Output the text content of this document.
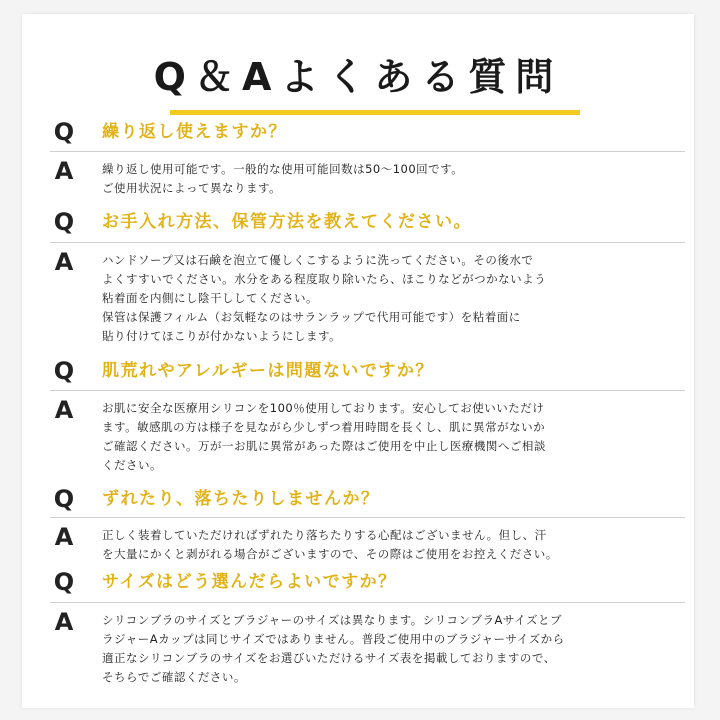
Q＆Aよくある質問
Q 繰り返し使えますか？
A	繰り返し使用可能です。一般的な使用可能回数は50～100回です。
ご使用状況によって異なります。
Q お手入れ方法、保管方法を教えてください。
A	ハンドソープ又は石鹸を泡立て優しくこするように洗ってください。その後水で
よくすすいでください。水分をある程度取り除いたら、ほこりなどがつかないよう
粘着面を内側にし陰干ししてください。
保管は保護フィルム（お気軽なのはサランラップで代用可能です）を粘着面に
貼り付けてほこりが付かないようにします。
Q 肌荒れやアレルギーは問題ないですか？
A	お肌に安全な医療用シリコンを100％使用しております。安心してお使いいただけ
ます。敏感肌の方は様子を見ながら少しずつ着用時間を長くし、肌に異常がないか
ご確認ください。万が一お肌に異常があった際はご使用を中止し医療機関へご相談
ください。
Q ずれたり、落ちたりしませんか？
A	正しく装着していただければずれたり落ちたりする心配はございません。但し、汗
を大量にかくと剥がれる場合がございますので、その際はご使用をお控えください。
Q サイズはどう選んだらよいですか？
A	シリコンブラのサイズとブラジャーのサイズは異なります。シリコンブラAサイズとブ
ラジャーAカップは同じサイズではありません。普段ご使用中のブラジャーサイズから
適正なシリコンブラのサイズをお選びいただけるサイズ表を掲載しておりますので、
そちらでご確認ください。
